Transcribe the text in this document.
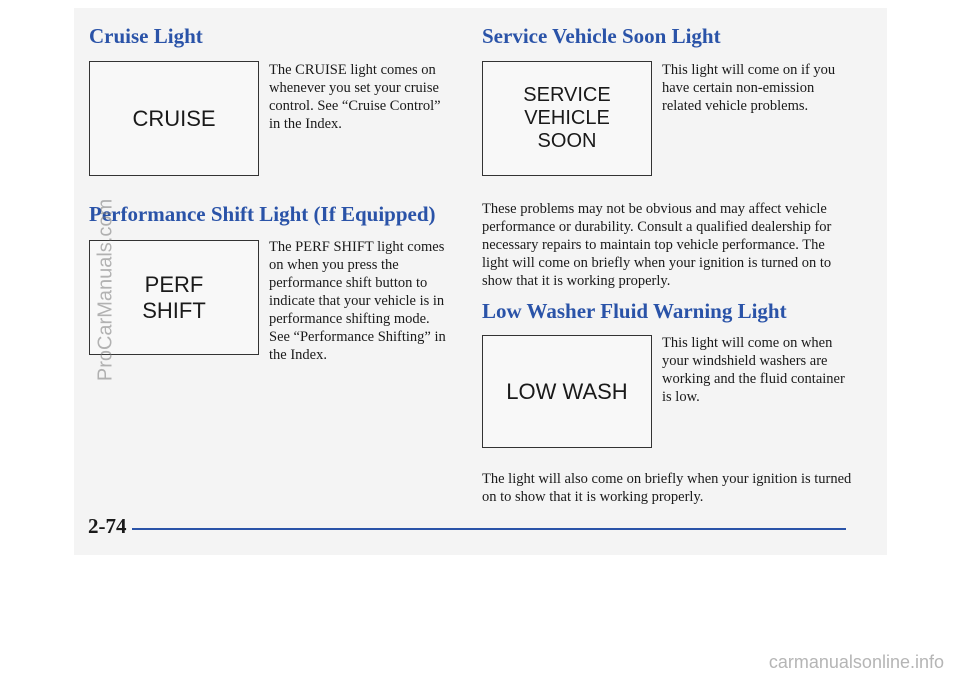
Cruise Light
CRUISE

The CRUISE light comes on whenever you set your cruise control. See “Cruise Control” in the Index.

Performance Shift Light (If Equipped)
PERF
SHIFT

The PERF SHIFT light comes on when you press the performance shift button to indicate that your vehicle is in performance shifting mode. See “Performance Shifting” in the Index.

Service Vehicle Soon Light
SERVICE VEHICLE
SOON

This light will come on if you have certain non-emission related vehicle problems.

These problems may not be obvious and may affect vehicle performance or durability. Consult a qualified dealership for necessary repairs to maintain top vehicle performance. The light will come on briefly when your ignition is turned on to show that it is working properly.

Low Washer Fluid Warning Light
LOW WASH

This light will come on when your windshield washers are working and the fluid container is low.

The light will also come on briefly when your ignition is turned on to show that it is working properly.

2-74
ProCarManuals.com
carmanualsonline.info
